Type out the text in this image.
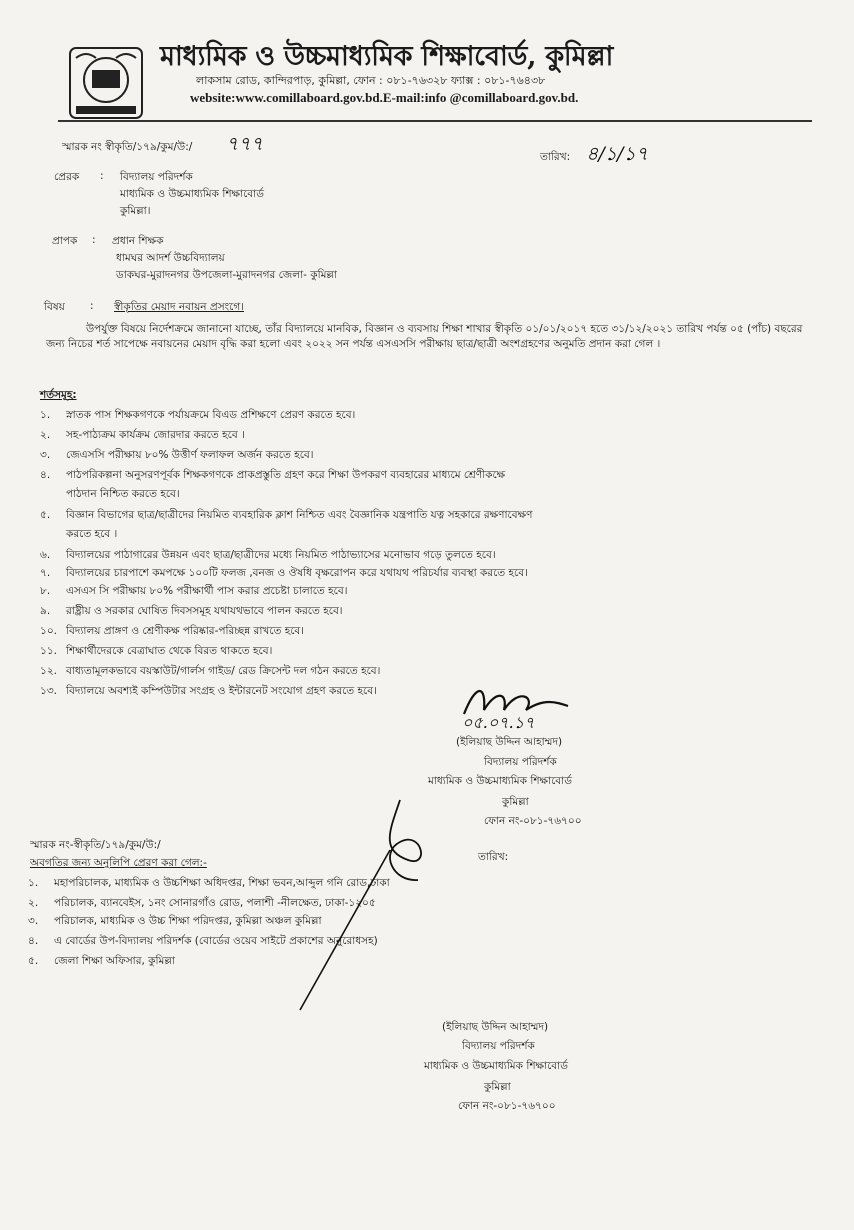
মাধ্যমিক ও উচ্চমাধ্যমিক শিক্ষাবোর্ড, কুমিল্লা
লাকসাম রোড, কান্দিরপাড়, কুমিল্লা, ফোন : ০৮১-৭৬৩২৮ ফ্যাক্স : ০৮১-৭৬৪৩৮
website:www.comillaboard.gov.bd.E-mail:info @comillaboard.gov.bd.
স্মারক নং স্বীকৃতি/১৭৯/কুম/উ:/ ৭৭৭
তারিখ: ৪/১/১৭
প্রেরক : বিদ্যালয় পরিদর্শক
মাধ্যমিক ও উচ্চমাধ্যমিক শিক্ষাবোর্ড
কুমিল্লা।
প্রাপক : প্রধান শিক্ষক
ধামঘর আদর্শ উচ্চবিদ্যালয়
ডাকঘর-মুরাদনগর উপজেলা-মুরাদনগর জেলা- কুমিল্লা
বিষয় : স্বীকৃতির মেয়াদ নবায়ন প্রসংগে।
উপর্যুক্ত বিষয়ে নির্দেশক্রমে জানানো যাচ্ছে, তাঁর বিদ্যালয়ে মানবিক, বিজ্ঞান ও ব্যবসায় শিক্ষা শাখার স্বীকৃতি ০১/০১/২০১৭ হতে ৩১/১২/২০২১ তারিখ পর্যন্ত ০৫ (পাঁচ) বছরের জন্য নিচের শর্ত সাপেক্ষে নবায়নের মেয়াদ বৃদ্ধি করা হলো এবং ২০২২ সন পর্যন্ত এসএসসি পরীক্ষায় ছাত্র/ছাত্রী অংশগ্রহণের অনুমতি প্রদান করা গেল ।
শর্তসমূহ:
১. স্নাতক পাস শিক্ষকগণকে পর্যায়ক্রমে বিএড প্রশিক্ষণে প্রেরণ করতে হবে।
২. সহ-পাঠ্যক্রম কার্যক্রম জোরদার করতে হবে ।
৩. জেএসসি পরীক্ষায় ৮০% উত্তীর্ণ ফলাফল অর্জন করতে হবে।
৪. পাঠপরিকল্পনা অনুসরণপূর্বক শিক্ষকগণকে প্রাকপ্রস্তুতি গ্রহণ করে শিক্ষা উপকরণ ব্যবহারের মাধ্যমে শ্রেণীকক্ষে
পাঠদান নিশ্চিত করতে হবে।
৫. বিজ্ঞান বিভাগের ছাত্র/ছাত্রীদের নিয়মিত ব্যবহারিক ক্লাশ নিশ্চিত এবং বৈজ্ঞানিক যন্ত্রপাতি যত্ন সহকারে রক্ষণাবেক্ষণ
করতে হবে ।
৬. বিদ্যালয়ের পাঠাগারের উন্নয়ন এবং ছাত্র/ছাত্রীদের মধ্যে নিয়মিত পাঠাভ্যাসের মনোভাব গড়ে তুলতে হবে।
৭. বিদ্যালয়ের চারপাশে কমপক্ষে ১০০টি ফলজ ,বনজ ও ঔষধি বৃক্ষরোপন করে যথাযথ পরিচর্যার ব্যবস্থা করতে হবে।
৮. এসএস সি পরীক্ষায় ৮০% পরীক্ষার্থী পাস করার প্রচেষ্টা চালাতে হবে।
৯. রাষ্ট্রীয় ও সরকার ঘোষিত দিবসসমূহ যথাযথভাবে পালন করতে হবে।
১০. বিদ্যালয় প্রাঙ্গণ ও শ্রেণীকক্ষ পরিষ্কার-পরিচ্ছন্ন রাখতে হবে।
১১. শিক্ষার্থীদেরকে বেত্রাঘাত থেকে বিরত থাকতে হবে।
১২. বাধ্যতামূলকভাবে বয়স্কাউট/গার্লস গাইড/ রেড ক্রিসেন্ট দল গঠন করতে হবে।
১৩. বিদ্যালয়ে অবশ্যই কম্পিউটার সংগ্রহ ও ইন্টারনেট সংযোগ গ্রহণ করতে হবে।
০৫.০৭.১৭
(ইলিয়াছ উদ্দিন আহাম্মদ)
বিদ্যালয় পরিদর্শক
মাধ্যমিক ও উচ্চমাধ্যমিক শিক্ষাবোর্ড
কুমিল্লা
ফোন নং-০৮১-৭৬৭০০
স্মারক নং-স্বীকৃতি/১৭৯/কুম/উ:/
তারিখ:
অবগতির জন্য অনুলিপি প্রেরণ করা গেল:-
১. মহাপরিচালক, মাধ্যমিক ও উচ্চশিক্ষা অধিদপ্তর, শিক্ষা ভবন,আব্দুল গনি রোড,ঢাকা
২. পরিচালক, ব্যানবেইস, ১নং সোনারগাঁও রোড, পলাশী -নীলক্ষেত, ঢাকা-১২০৫
৩. পরিচালক, মাধ্যমিক ও উচ্চ শিক্ষা পরিদপ্তর, কুমিল্লা অঞ্চল কুমিল্লা
৪. এ বোর্ডের উপ-বিদ্যালয় পরিদর্শক (বোর্ডের ওয়েব সাইটে প্রকাশের অনুরোধসহ)
৫. জেলা শিক্ষা অফিসার, কুমিল্লা
(ইলিয়াছ উদ্দিন আহাম্মদ)
বিদ্যালয় পরিদর্শক
মাধ্যমিক ও উচ্চমাধ্যমিক শিক্ষাবোর্ড
কুমিল্লা
ফোন নং-০৮১-৭৬৭০০
